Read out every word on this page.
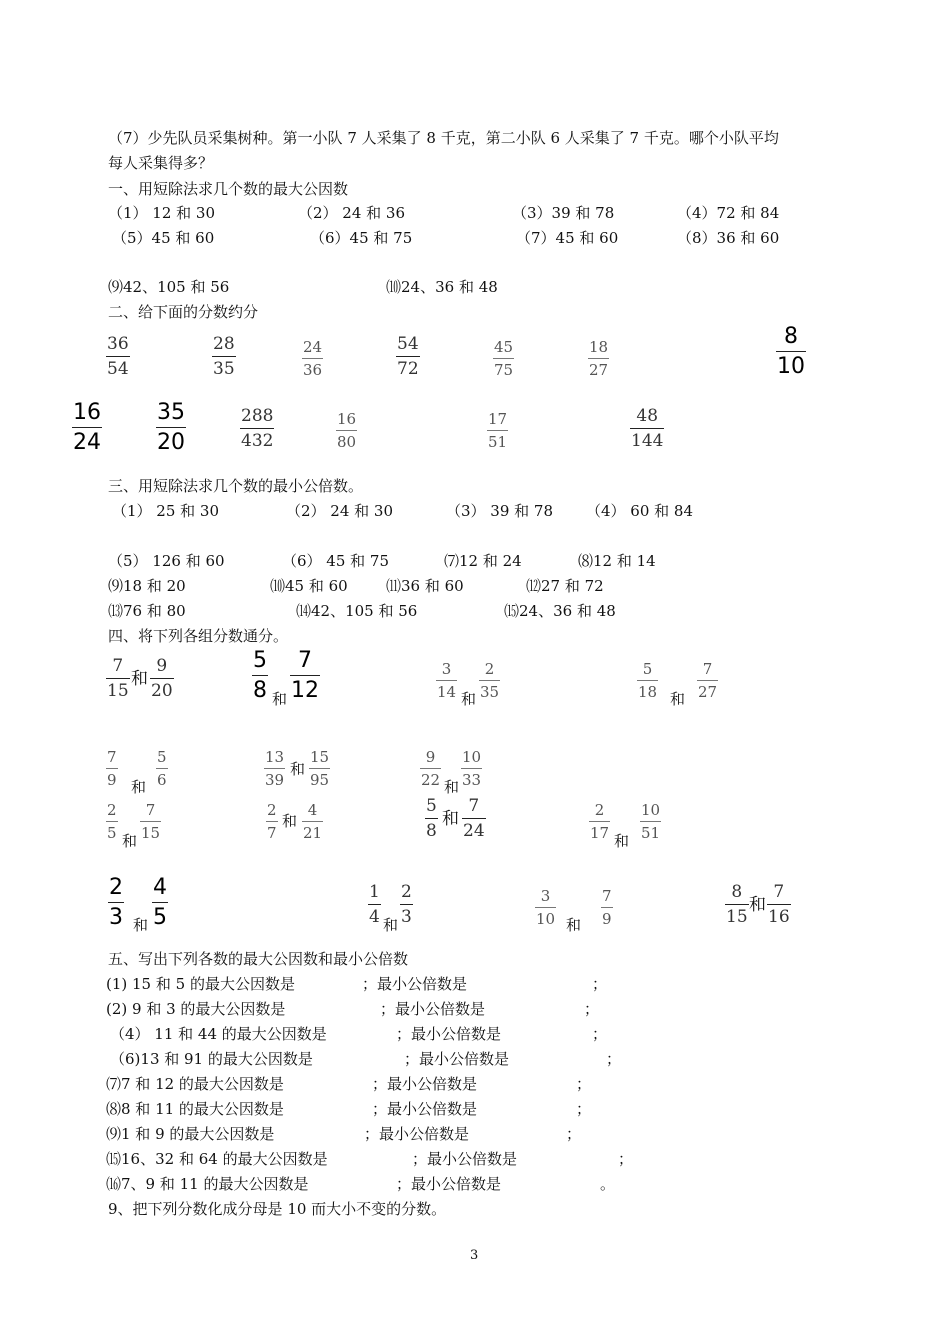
（7）少先队员采集树种。第一小队 7 人采集了 8 千克，第二小队 6 人采集了 7 千克。哪个小队平均
每人采集得多？
一、用短除法求几个数的最大公因数
（1） 12 和 30	（2） 24 和 36	（3）39 和 78	（4）72 和 84
（5）45 和 60	（6）45 和 75	（7）45 和 60	（8）36 和 60
⑼42、105 和 56	⑽24、36 和 48
二、给下面的分数约分
36
54
28
35
24
36
54
72
45
75
18
27
8
10
16
24
35
20
288
432
16
80
17
51
48
144
三、用短除法求几个数的最小公倍数。
（1） 25 和 30	（2） 24 和 30	（3） 39 和 78 （4） 60 和 84
（5） 126 和 60	（6） 45 和 75	⑺12 和 24	⑻12 和 14
⑼18 和 20	⑽45 和 60	⑾36 和 60	⑿27 和 72
⒀76 和 80	⒁42、105 和 56	⒂24、36 和 48
四、将下列各组分数通分。
7
15
和
9
20
5
8 和
7
12
3
14 和
2
35
5
18 和
7
27
7
9 和
5
6
13
39
和
15
95
9
22 和
10
33
2
5 和
7
15
2
7
和
4
21
5
8
和
7
24
2
17 和
10
51
2
3 和
4
5
1
4 和
2
3
3
10 和
7
9
8
15
和
7
16
五、写出下列各数的最大公因数和最小公倍数
(1) 15 和 5 的最大公因数是	；最小公倍数是	；
(2) 9 和 3 的最大公因数是	；最小公倍数是	；
（4） 11 和 44 的最大公因数是	；最小公倍数是	；
（6)13 和 91 的最大公因数是	；最小公倍数是	；
⑺7 和 12 的最大公因数是	；最小公倍数是	；
⑻8 和 11 的最大公因数是	；最小公倍数是	；
⑼1 和 9 的最大公因数是	；最小公倍数是	；
⒂16、32 和 64 的最大公因数是	；最小公倍数是	；
⒃7、9 和 11 的最大公因数是	；最小公倍数是	。
9、把下列分数化成分母是 10 而大小不变的分数。
3
